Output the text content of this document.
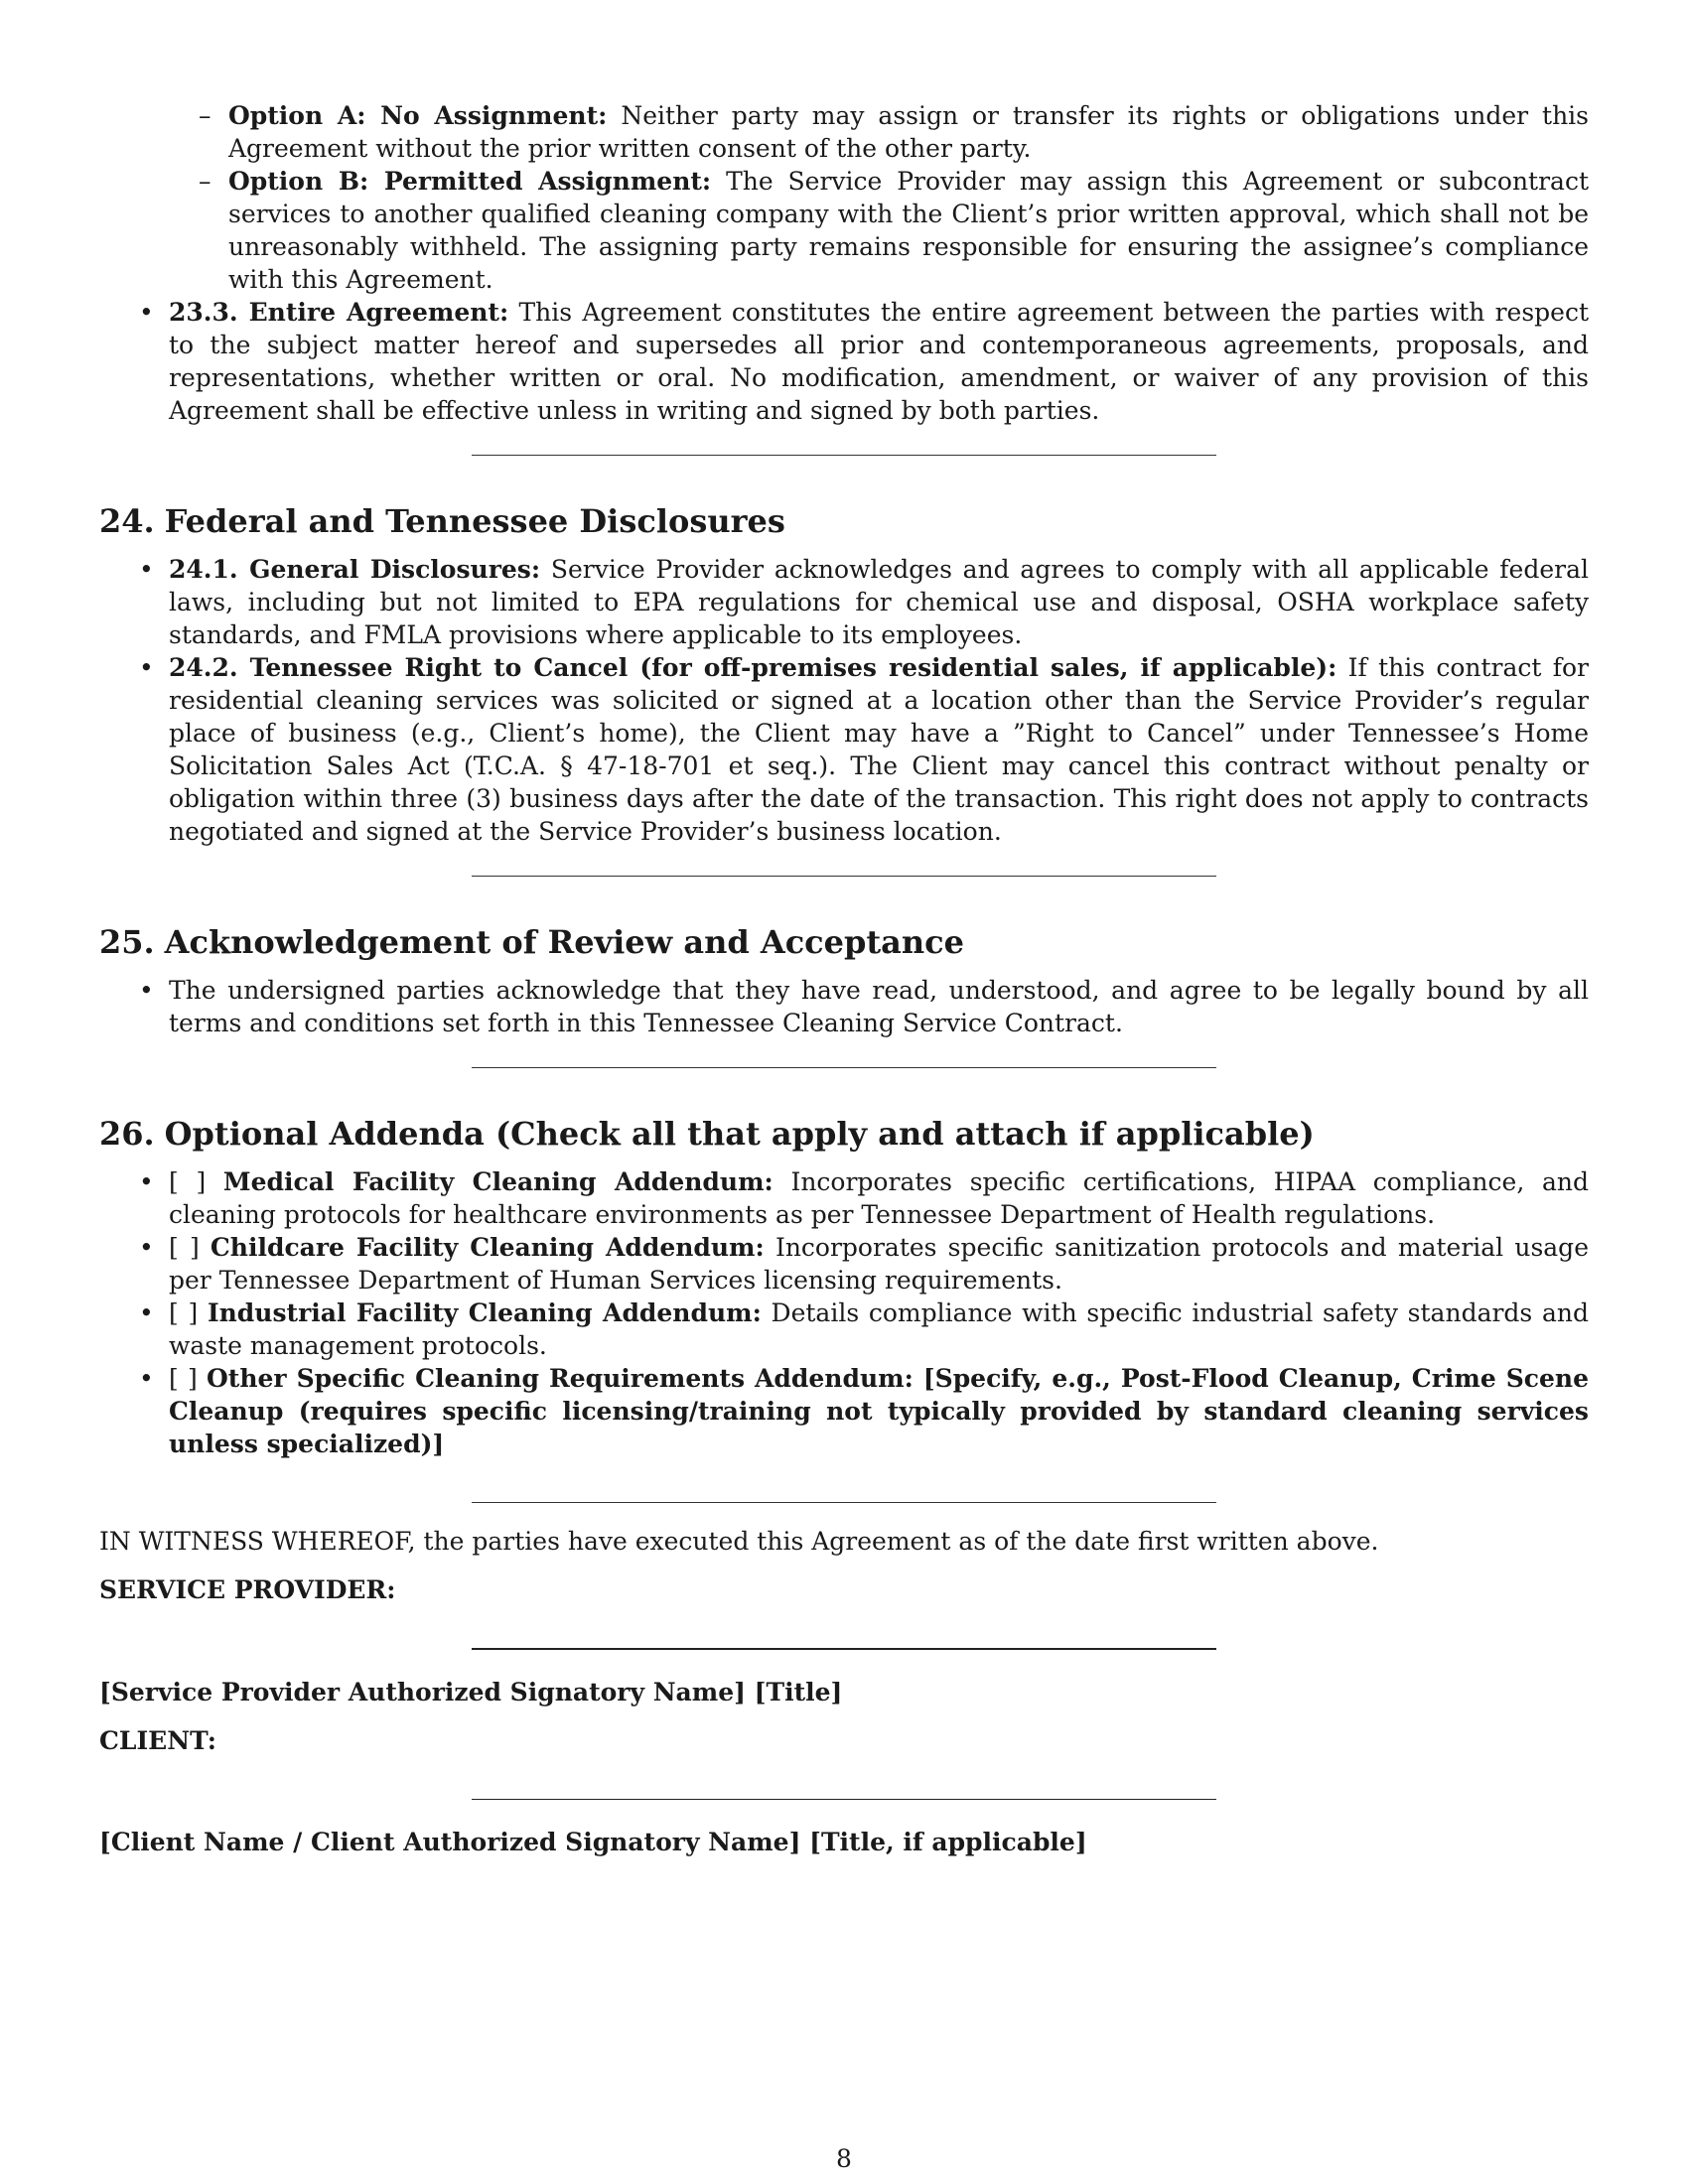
– Option A: No Assignment: Neither party may assign or transfer its rights or obligations under this Agreement without the prior written consent of the other party.
– Option B: Permitted Assignment: The Service Provider may assign this Agreement or subcontract services to another qualified cleaning company with the Client’s prior written approval, which shall not be unreasonably withheld. The assigning party remains responsible for ensuring the assignee’s compliance with this Agreement.
• 23.3. Entire Agreement: This Agreement constitutes the entire agreement between the parties with respect to the subject matter hereof and supersedes all prior and contemporaneous agreements, proposals, and representations, whether written or oral. No modification, amendment, or waiver of any provision of this Agreement shall be effective unless in writing and signed by both parties.
24. Federal and Tennessee Disclosures
• 24.1. General Disclosures: Service Provider acknowledges and agrees to comply with all applicable federal laws, including but not limited to EPA regulations for chemical use and disposal, OSHA workplace safety standards, and FMLA provisions where applicable to its employees.
• 24.2. Tennessee Right to Cancel (for off-premises residential sales, if applicable): If this contract for residential cleaning services was solicited or signed at a location other than the Service Provider’s regular place of business (e.g., Client’s home), the Client may have a ”Right to Cancel” under Tennessee’s Home Solicitation Sales Act (T.C.A. § 47-18-701 et seq.). The Client may cancel this contract without penalty or obligation within three (3) business days after the date of the transaction. This right does not apply to contracts negotiated and signed at the Service Provider’s business location.
25. Acknowledgement of Review and Acceptance
• The undersigned parties acknowledge that they have read, understood, and agree to be legally bound by all terms and conditions set forth in this Tennessee Cleaning Service Contract.
26. Optional Addenda (Check all that apply and attach if applicable)
• [ ] Medical Facility Cleaning Addendum: Incorporates specific certifications, HIPAA compliance, and cleaning protocols for healthcare environments as per Tennessee Department of Health regulations.
• [ ] Childcare Facility Cleaning Addendum: Incorporates specific sanitization protocols and material usage per Tennessee Department of Human Services licensing requirements.
• [ ] Industrial Facility Cleaning Addendum: Details compliance with specific industrial safety standards and waste management protocols.
• [ ] Other Specific Cleaning Requirements Addendum: [Specify, e.g., Post-Flood Cleanup, Crime Scene Cleanup (requires specific licensing/training not typically provided by standard cleaning services unless specialized)]
IN WITNESS WHEREOF, the parties have executed this Agreement as of the date first written above.
SERVICE PROVIDER:
[Service Provider Authorized Signatory Name] [Title]
CLIENT:
[Client Name / Client Authorized Signatory Name] [Title, if applicable]
8
